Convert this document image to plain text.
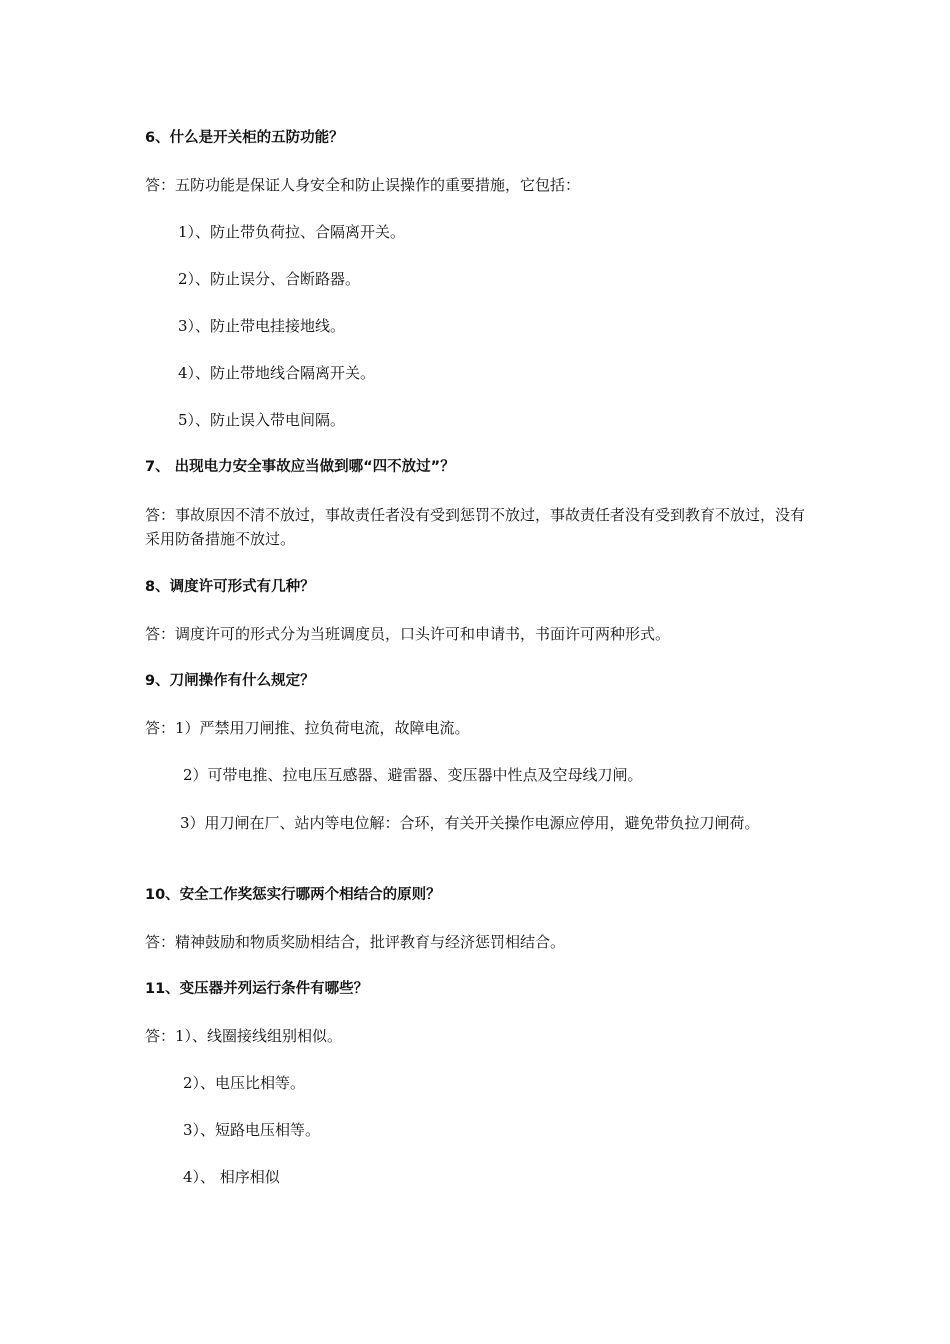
6、什么是开关柜的五防功能？
答：五防功能是保证人身安全和防止误操作的重要措施，它包括：
1）、防止带负荷拉、合隔离开关。
2）、防止误分、合断路器。
3）、防止带电挂接地线。
4）、防止带地线合隔离开关。
5）、防止误入带电间隔。
7、 出现电力安全事故应当做到哪“四不放过”？
答：事故原因不清不放过，事故责任者没有受到惩罚不放过，事故责任者没有受到教育不放过，没有采用防备措施不放过。
8、调度许可形式有几种？
答：调度许可的形式分为当班调度员，口头许可和申请书，书面许可两种形式。
9、刀闸操作有什么规定？
答：1）严禁用刀闸推、拉负荷电流，故障电流。
2）可带电推、拉电压互感器、避雷器、变压器中性点及空母线刀闸。
3）用刀闸在厂、站内等电位解：合环，有关开关操作电源应停用，避免带负拉刀闸荷。
10、安全工作奖惩实行哪两个相结合的原则？
答：精神鼓励和物质奖励相结合，批评教育与经济惩罚相结合。
11、变压器并列运行条件有哪些？
答：1）、线圈接线组别相似。
2）、电压比相等。
3）、短路电压相等。
4）、 相序相似
